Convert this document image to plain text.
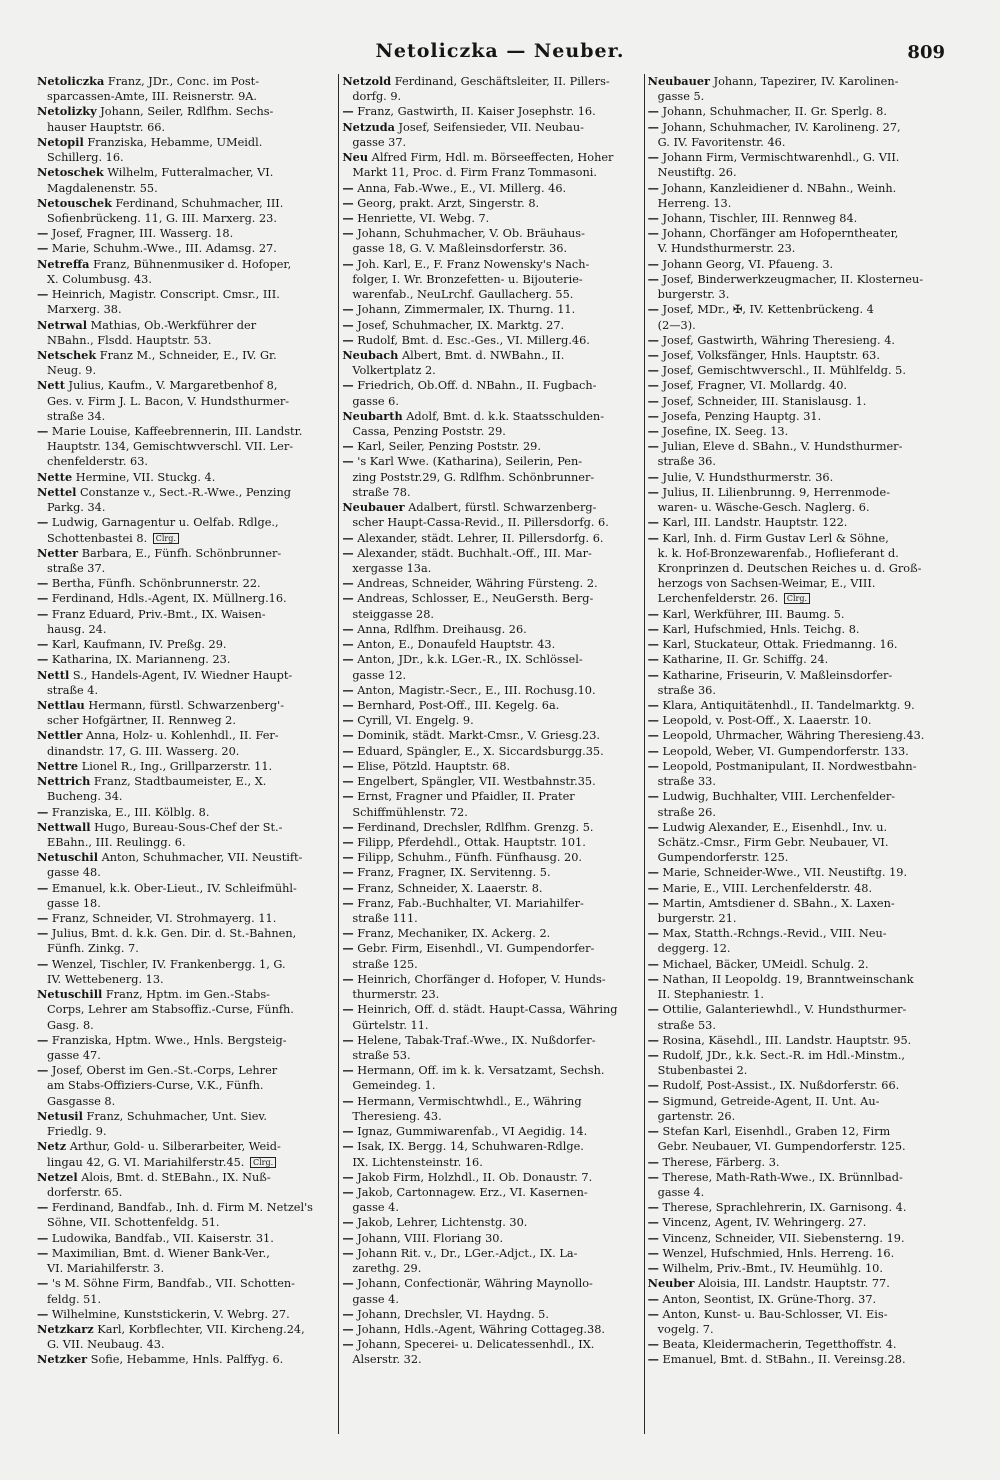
Netoliczka — Neuber.	809
Netoliczka Franz, JDr., Conc. im Post-
sparcassen-Amte, III. Reisnerstr. 9A.
Netolizky Johann, Seiler, Rdlfhm. Sechs-
hauser Hauptstr. 66.
Netopil Franziska, Hebamme, UMeidl.
Schillerg. 16.
Netoschek Wilhelm, Futteralmacher, VI.
Magdalenenstr. 55.
Netouschek Ferdinand, Schuhmacher, III.
Sofienbrückeng. 11, G. III. Marxerg. 23.
— Josef, Fragner, III. Wasserg. 18.
— Marie, Schuhm.-Wwe., III. Adamsg. 27.
Netreffa Franz, Bühnenmusiker d. Hofoper,
X. Columbusg. 43.
— Heinrich, Magistr. Conscript. Cmsr., III.
Marxerg. 38.
Netrwal Mathias, Ob.-Werkführer der
NBahn., Flsdd. Hauptstr. 53.
Netschek Franz M., Schneider, E., IV. Gr.
Neug. 9.
Nett Julius, Kaufm., V. Margaretbenhof 8,
Ges. v. Firm J. L. Bacon, V. Hundsthurmer-
straße 34.
— Marie Louise, Kaffeebrennerin, III. Landstr.
Hauptstr. 134, Gemischtwverschl. VII. Ler-
chenfelderstr. 63.
Nette Hermine, VII. Stuckg. 4.
Nettel Constanze v., Sect.-R.-Wwe., Penzing
Parkg. 34.
— Ludwig, Garnagentur u. Oelfab. Rdlge.,
Schottenbastei 8. Clrg.
Netter Barbara, E., Fünfh. Schönbrunner-
straße 37.
— Bertha, Fünfh. Schönbrunnerstr. 22.
— Ferdinand, Hdls.-Agent, IX. Müllnerg.16.
— Franz Eduard, Priv.-Bmt., IX. Waisen-
hausg. 24.
— Karl, Kaufmann, IV. Preßg. 29.
— Katharina, IX. Marianneng. 23.
Nettl S., Handels-Agent, IV. Wiedner Haupt-
straße 4.
Nettlau Hermann, fürstl. Schwarzenberg'-
scher Hofgärtner, II. Rennweg 2.
Nettler Anna, Holz- u. Kohlenhdl., II. Fer-
dinandstr. 17, G. III. Wasserg. 20.
Nettre Lionel R., Ing., Grillparzerstr. 11.
Nettrich Franz, Stadtbaumeister, E., X.
Bucheng. 34.
— Franziska, E., III. Kölblg. 8.
Nettwall Hugo, Bureau-Sous-Chef der St.-
EBahn., III. Reulingg. 6.
Netuschil Anton, Schuhmacher, VII. Neustift-
gasse 48.
— Emanuel, k.k. Ober-Lieut., IV. Schleifmühl-
gasse 18.
— Franz, Schneider, VI. Strohmayerg. 11.
— Julius, Bmt. d. k.k. Gen. Dir. d. St.-Bahnen,
Fünfh. Zinkg. 7.
— Wenzel, Tischler, IV. Frankenbergg. 1, G.
IV. Wettebenerg. 13.
Netuschill Franz, Hptm. im Gen.-Stabs-
Corps, Lehrer am Stabsoffiz.-Curse, Fünfh.
Gasg. 8.
— Franziska, Hptm. Wwe., Hnls. Bergsteig-
gasse 47.
— Josef, Oberst im Gen.-St.-Corps, Lehrer
am Stabs-Offiziers-Curse, V.K., Fünfh.
Gasgasse 8.
Netusil Franz, Schuhmacher, Unt. Siev.
Friedlg. 9.
Netz Arthur, Gold- u. Silberarbeiter, Weid-
lingau 42, G. VI. Mariahilferstr.45. Clrg.
Netzel Alois, Bmt. d. StEBahn., IX. Nuß-
dorferstr. 65.
— Ferdinand, Bandfab., Inh. d. Firm M. Netzel's
Söhne, VII. Schottenfeldg. 51.
— Ludowika, Bandfab., VII. Kaiserstr. 31.
— Maximilian, Bmt. d. Wiener Bank-Ver.,
VI. Mariahilferstr. 3.
— 's M. Söhne Firm, Bandfab., VII. Schotten-
feldg. 51.
— Wilhelmine, Kunststickerin, V. Webrg. 27.
Netzkarz Karl, Korbflechter, VII. Kircheng.24,
G. VII. Neubaug. 43.
Netzker Sofie, Hebamme, Hnls. Palffyg. 6.
Netzold Ferdinand, Geschäftsleiter, II. Pillers-
dorfg. 9.
— Franz, Gastwirth, II. Kaiser Josephstr. 16.
Netzuda Josef, Seifensieder, VII. Neubau-
gasse 37.
Neu Alfred Firm, Hdl. m. Börseeffecten, Hoher
Markt 11, Proc. d. Firm Franz Tommasoni.
— Anna, Fab.-Wwe., E., VI. Millerg. 46.
— Georg, prakt. Arzt, Singerstr. 8.
— Henriette, VI. Webg. 7.
— Johann, Schuhmacher, V. Ob. Bräuhaus-
gasse 18, G. V. Maßleinsdorferstr. 36.
— Joh. Karl, E., F. Franz Nowensky's Nach-
folger, I. Wr. Bronzefetten- u. Bijouterie-
warenfab., NeuLrchf. Gaullacherg. 55.
— Johann, Zimmermaler, IX. Thurng. 11.
— Josef, Schuhmacher, IX. Marktg. 27.
— Rudolf, Bmt. d. Esc.-Ges., VI. Millerg.46.
Neubach Albert, Bmt. d. NWBahn., II.
Volkertplatz 2.
— Friedrich, Ob.Off. d. NBahn., II. Fugbach-
gasse 6.
Neubarth Adolf, Bmt. d. k.k. Staatsschulden-
Cassa, Penzing Poststr. 29.
— Karl, Seiler, Penzing Poststr. 29.
— 's Karl Wwe. (Katharina), Seilerin, Pen-
zing Poststr.29, G. Rdlfhm. Schönbrunner-
straße 78.
Neubauer Adalbert, fürstl. Schwarzenberg-
scher Haupt-Cassa-Revid., II. Pillersdorfg. 6.
— Alexander, städt. Lehrer, II. Pillersdorfg. 6.
— Alexander, städt. Buchhalt.-Off., III. Mar-
xergasse 13a.
— Andreas, Schneider, Währing Fürsteng. 2.
— Andreas, Schlosser, E., NeuGersth. Berg-
steiggasse 28.
— Anna, Rdlfhm. Dreihausg. 26.
— Anton, E., Donaufeld Hauptstr. 43.
— Anton, JDr., k.k. LGer.-R., IX. Schlössel-
gasse 12.
— Anton, Magistr.-Secr., E., III. Rochusg.10.
— Bernhard, Post-Off., III. Kegelg. 6a.
— Cyrill, VI. Engelg. 9.
— Dominik, städt. Markt-Cmsr., V. Griesg.23.
— Eduard, Spängler, E., X. Siccardsburgg.35.
— Elise, Pötzld. Hauptstr. 68.
— Engelbert, Spängler, VII. Westbahnstr.35.
— Ernst, Fragner und Pfaidler, II. Prater
Schiffmühlenstr. 72.
— Ferdinand, Drechsler, Rdlfhm. Grenzg. 5.
— Filipp, Pferdehdl., Ottak. Hauptstr. 101.
— Filipp, Schuhm., Fünfh. Fünfhausg. 20.
— Franz, Fragner, IX. Servitenng. 5.
— Franz, Schneider, X. Laaerstr. 8.
— Franz, Fab.-Buchhalter, VI. Mariahilfer-
straße 111.
— Franz, Mechaniker, IX. Ackerg. 2.
— Gebr. Firm, Eisenhdl., VI. Gumpendorfer-
straße 125.
— Heinrich, Chorfänger d. Hofoper, V. Hunds-
thurmerstr. 23.
— Heinrich, Off. d. städt. Haupt-Cassa, Währing
Gürtelstr. 11.
— Helene, Tabak-Traf.-Wwe., IX. Nußdorfer-
straße 53.
— Hermann, Off. im k. k. Versatzamt, Sechsh.
Gemeindeg. 1.
— Hermann, Vermischtwhdl., E., Währing
Theresieng. 43.
— Ignaz, Gummiwarenfab., VI Aegidig. 14.
— Isak, IX. Bergg. 14, Schuhwaren-Rdlge.
IX. Lichtensteinstr. 16.
— Jakob Firm, Holzhdl., II. Ob. Donaustr. 7.
— Jakob, Cartonnagew. Erz., VI. Kasernen-
gasse 4.
— Jakob, Lehrer, Lichtenstg. 30.
— Johann, VIII. Floriang 30.
— Johann Rit. v., Dr., LGer.-Adjct., IX. La-
zarethg. 29.
— Johann, Confectionär, Währing Maynollo-
gasse 4.
— Johann, Drechsler, VI. Haydng. 5.
— Johann, Hdls.-Agent, Währing Cottageg.38.
— Johann, Specerei- u. Delicatessenhdl., IX.
Alserstr. 32.
Neubauer Johann, Tapezirer, IV. Karolinen-
gasse 5.
— Johann, Schuhmacher, II. Gr. Sperlg. 8.
— Johann, Schuhmacher, IV. Karolineng. 27,
G. IV. Favoritenstr. 46.
— Johann Firm, Vermischtwarenhdl., G. VII.
Neustiftg. 26.
— Johann, Kanzleidiener d. NBahn., Weinh.
Herreng. 13.
— Johann, Tischler, III. Rennweg 84.
— Johann, Chorfänger am Hofoperntheater,
V. Hundsthurmerstr. 23.
— Johann Georg, VI. Pfaueng. 3.
— Josef, Binderwerkzeugmacher, II. Klosterneu-
burgerstr. 3.
— Josef, MDr., ✠, IV. Kettenbrückeng. 4
(2—3).
— Josef, Gastwirth, Währing Theresieng. 4.
— Josef, Volksfänger, Hnls. Hauptstr. 63.
— Josef, Gemischtwverschl., II. Mühlfeldg. 5.
— Josef, Fragner, VI. Mollardg. 40.
— Josef, Schneider, III. Stanislausg. 1.
— Josefa, Penzing Hauptg. 31.
— Josefine, IX. Seeg. 13.
— Julian, Eleve d. SBahn., V. Hundsthurmer-
straße 36.
— Julie, V. Hundsthurmerstr. 36.
— Julius, II. Lilienbrunng. 9, Herrenmode-
waren- u. Wäsche-Gesch. Naglerg. 6.
— Karl, III. Landstr. Hauptstr. 122.
— Karl, Inh. d. Firm Gustav Lerl & Söhne,
k. k. Hof-Bronzewarenfab., Hoflieferant d.
Kronprinzen d. Deutschen Reiches u. d. Groß-
herzogs von Sachsen-Weimar, E., VIII.
Lerchenfelderstr. 26. Clrg.
— Karl, Werkführer, III. Baumg. 5.
— Karl, Hufschmied, Hnls. Teichg. 8.
— Karl, Stuckateur, Ottak. Friedmanng. 16.
— Katharine, II. Gr. Schiffg. 24.
— Katharine, Friseurin, V. Maßleinsdorfer-
straße 36.
— Klara, Antiquitätenhdl., II. Tandelmarktg. 9.
— Leopold, v. Post-Off., X. Laaerstr. 10.
— Leopold, Uhrmacher, Währing Theresieng.43.
— Leopold, Weber, VI. Gumpendorferstr. 133.
— Leopold, Postmanipulant, II. Nordwestbahn-
straße 33.
— Ludwig, Buchhalter, VIII. Lerchenfelder-
straße 26.
— Ludwig Alexander, E., Eisenhdl., Inv. u.
Schätz.-Cmsr., Firm Gebr. Neubauer, VI.
Gumpendorferstr. 125.
— Marie, Schneider-Wwe., VII. Neustiftg. 19.
— Marie, E., VIII. Lerchenfelderstr. 48.
— Martin, Amtsdiener d. SBahn., X. Laxen-
burgerstr. 21.
— Max, Statth.-Rchngs.-Revid., VIII. Neu-
deggerg. 12.
— Michael, Bäcker, UMeidl. Schulg. 2.
— Nathan, II Leopoldg. 19, Branntweinschank
II. Stephaniestr. 1.
— Ottilie, Galanteriewhdl., V. Hundsthurmer-
straße 53.
— Rosina, Käsehdl., III. Landstr. Hauptstr. 95.
— Rudolf, JDr., k.k. Sect.-R. im Hdl.-Minstm.,
Stubenbastei 2.
— Rudolf, Post-Assist., IX. Nußdorferstr. 66.
— Sigmund, Getreide-Agent, II. Unt. Au-
gartenstr. 26.
— Stefan Karl, Eisenhdl., Graben 12, Firm
Gebr. Neubauer, VI. Gumpendorferstr. 125.
— Therese, Färberg. 3.
— Therese, Math-Rath-Wwe., IX. Brünnlbad-
gasse 4.
— Therese, Sprachlehrerin, IX. Garnisong. 4.
— Vincenz, Agent, IV. Wehringerg. 27.
— Vincenz, Schneider, VII. Siebensterng. 19.
— Wenzel, Hufschmied, Hnls. Herreng. 16.
— Wilhelm, Priv.-Bmt., IV. Heumühlg. 10.
Neuber Aloisia, III. Landstr. Hauptstr. 77.
— Anton, Seontist, IX. Grüne-Thorg. 37.
— Anton, Kunst- u. Bau-Schlosser, VI. Eis-
vogelg. 7.
— Beata, Kleidermacherin, Tegetthoffstr. 4.
— Emanuel, Bmt. d. StBahn., II. Vereinsg.28.
